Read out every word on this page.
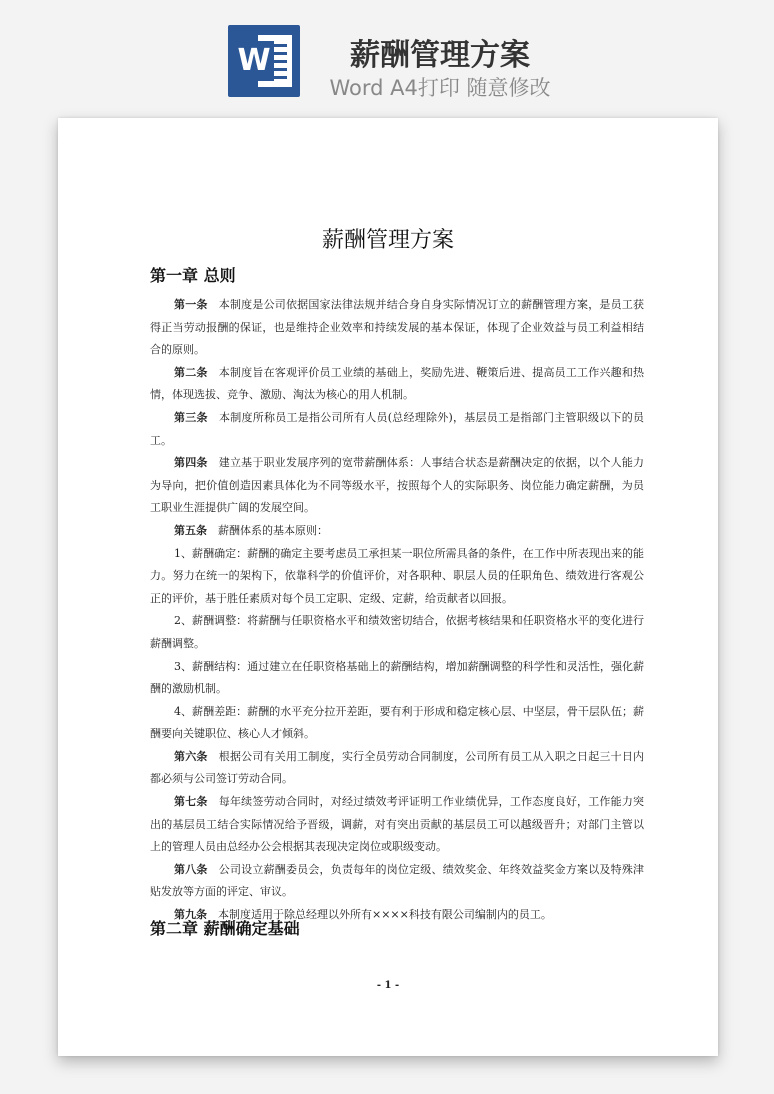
W	薪酬管理方案
Word A4打印 随意修改
薪酬管理方案
第一章 总则

第一条　 本制度是公司依据国家法律法规并结合身自身实际情况订立的薪酬管理方案，是员工获得正当劳动报酬的保证，也是维持企业效率和持续发展的基本保证，体现了企业效益与员工利益相结合的原则。

第二条　 本制度旨在客观评价员工业绩的基础上，奖励先进、鞭策后进、提高员工工作兴趣和热情，体现选拔、竞争、激励、淘汰为核心的用人机制。

第三条　 本制度所称员工是指公司所有人员(总经理除外)，基层员工是指部门主管职级以下的员工。

第四条　 建立基于职业发展序列的宽带薪酬体系：人事结合状态是薪酬决定的依据，以个人能力为导向，把价值创造因素具体化为不同等级水平，按照每个人的实际职务、岗位能力确定薪酬，为员工职业生涯提供广阔的发展空间。

第五条　 薪酬体系的基本原则：

1、薪酬确定：薪酬的确定主要考虑员工承担某一职位所需具备的条件，在工作中所表现出来的能力。努力在统一的架构下，依靠科学的价值评价，对各职种、职层人员的任职角色、绩效进行客观公正的评价，基于胜任素质对每个员工定职、定级、定薪，给贡献者以回报。

2、薪酬调整：将薪酬与任职资格水平和绩效密切结合，依据考核结果和任职资格水平的变化进行薪酬调整。

3、薪酬结构：通过建立在任职资格基础上的薪酬结构，增加薪酬调整的科学性和灵活性，强化薪酬的激励机制。

4、薪酬差距：薪酬的水平充分拉开差距，要有利于形成和稳定核心层、中坚层，骨干层队伍；薪酬要向关键职位、核心人才倾斜。

第六条　 根据公司有关用工制度，实行全员劳动合同制度，公司所有员工从入职之日起三十日内都必须与公司签订劳动合同。

第七条　 每年续签劳动合同时，对经过绩效考评证明工作业绩优异，工作态度良好，工作能力突出的基层员工结合实际情况给予晋级，调薪，对有突出贡献的基层员工可以越级晋升；对部门主管以上的管理人员由总经办公会根据其表现决定岗位或职级变动。

第八条　 公司设立薪酬委员会，负责每年的岗位定级、绩效奖金、年终效益奖金方案以及特殊津贴发放等方面的评定、审议。

第九条　 本制度适用于除总经理以外所有××××科技有限公司编制内的员工。

第二章 薪酬确定基础
- 1 -
